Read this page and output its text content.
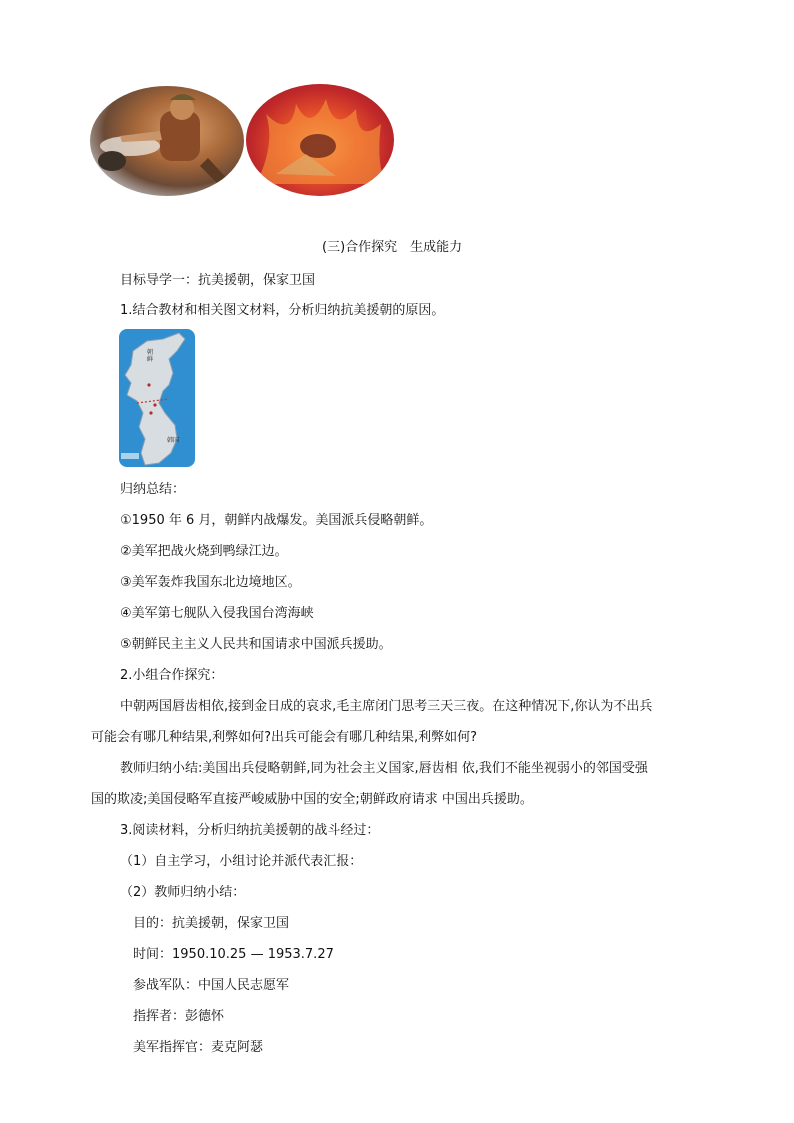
(三)合作探究　生成能力
目标导学一：抗美援朝，保家卫国
1.结合教材和相关图文材料，分析归纳抗美援朝的原因。
朝鲜
韩国
归纳总结：
①1950 年 6 月，朝鲜内战爆发。美国派兵侵略朝鲜。
②美军把战火烧到鸭绿江边。
③美军轰炸我国东北边境地区。
④美军第七舰队入侵我国台湾海峡
⑤朝鲜民主主义人民共和国请求中国派兵援助。
2.小组合作探究：
中朝两国唇齿相依,接到金日成的哀求,毛主席闭门思考三天三夜。在这种情况下,你认为不出兵
可能会有哪几种结果,利弊如何?出兵可能会有哪几种结果,利弊如何?
教师归纳小结:美国出兵侵略朝鲜,同为社会主义国家,唇齿相 依,我们不能坐视弱小的邻国受强
国的欺凌;美国侵略军直接严峻威胁中国的安全;朝鲜政府请求 中国出兵援助。
3.阅读材料，分析归纳抗美援朝的战斗经过：
（1）自主学习，小组讨论并派代表汇报：
（2）教师归纳小结：
目的：抗美援朝，保家卫国
时间：1950.10.25 — 1953.7.27
参战军队：中国人民志愿军
指挥者：彭德怀
美军指挥官：麦克阿瑟
